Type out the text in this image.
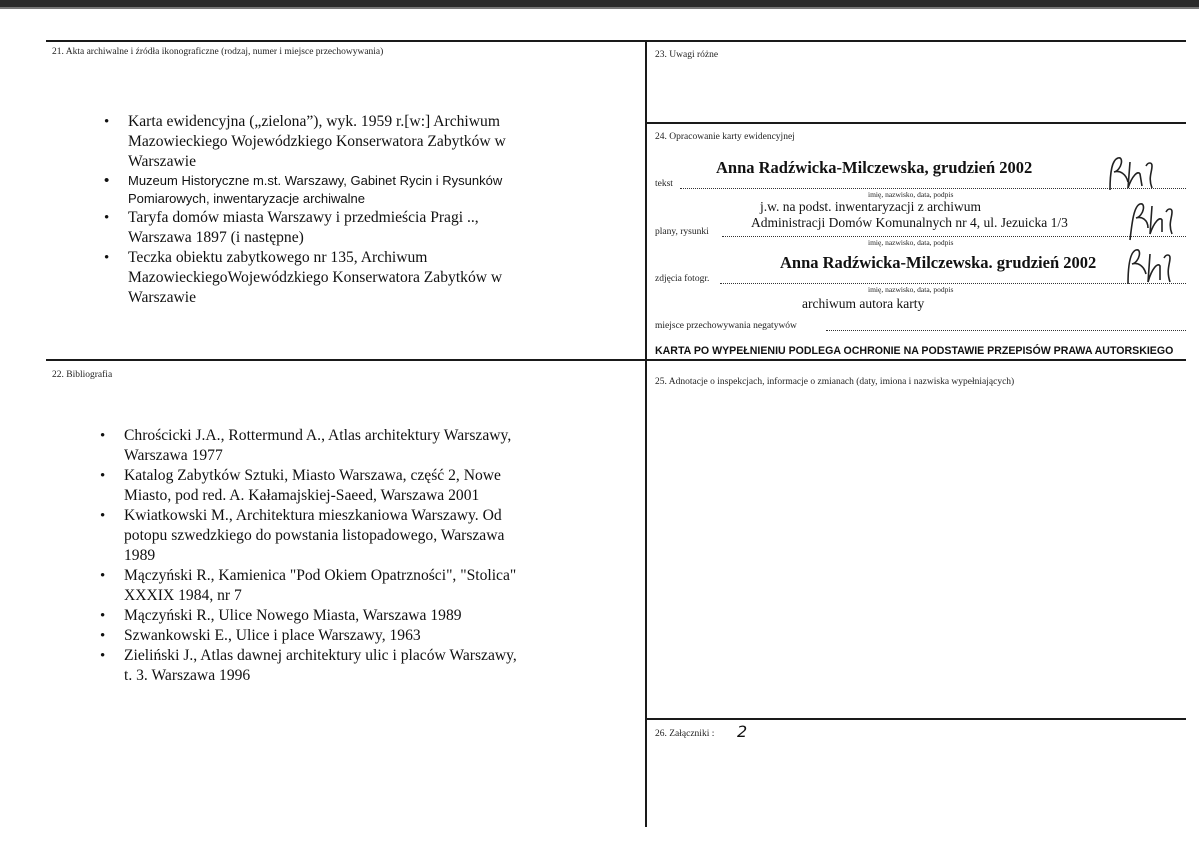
21. Akta archiwalne i źródła ikonograficzne (rodzaj, numer i miejsce przechowywania)
• Karta ewidencyjna („zielona”), wyk. 1959 r.[w:] Archiwum Mazowieckiego Wojewódzkiego Konserwatora Zabytków w Warszawie
• Muzeum Historyczne m.st. Warszawy, Gabinet Rycin i Rysunków Pomiarowych, inwentaryzacje archiwalne
• Taryfa domów miasta Warszawy i przedmieścia Pragi .., Warszawa 1897 (i następne)
• Teczka obiektu zabytkowego nr 135, Archiwum MazowieckiegoWojewódzkiego Konserwatora Zabytków w Warszawie
22. Bibliografia
• Chrościcki J.A., Rottermund A., Atlas architektury Warszawy, Warszawa 1977
• Katalog Zabytków Sztuki, Miasto Warszawa, część 2, Nowe Miasto, pod red. A. Kałamajskiej-Saeed, Warszawa 2001
• Kwiatkowski M., Architektura mieszkaniowa Warszawy. Od potopu szwedzkiego do powstania listopadowego, Warszawa 1989
• Mączyński R., Kamienica "Pod Okiem Opatrzności", "Stolica" XXXIX 1984, nr 7
• Mączyński R., Ulice Nowego Miasta, Warszawa 1989
• Szwankowski E., Ulice i place Warszawy, 1963
• Zieliński J., Atlas dawnej architektury ulic i placów Warszawy, t. 3. Warszawa 1996
23. Uwagi różne
24. Opracowanie karty ewidencyjnej
Anna Radźwicka-Milczewska, grudzień 2002
tekst
imię, nazwisko, data, podpis
j.w. na podst. inwentaryzacji z archiwum
Administracji Domów Komunalnych nr 4, ul. Jezuicka 1/3
plany, rysunki
imię, nazwisko, data, podpis
Anna Radźwicka-Milczewska. grudzień 2002
zdjęcia fotogr.
imię, nazwisko, data, podpis
archiwum autora karty
miejsce przechowywania negatywów
KARTA PO WYPEŁNIENIU PODLEGA OCHRONIE NA PODSTAWIE PRZEPISÓW PRAWA AUTORSKIEGO
25. Adnotacje o inspekcjach, informacje o zmianach (daty, imiona i nazwiska wypełniających)
26. Załączniki : 2
